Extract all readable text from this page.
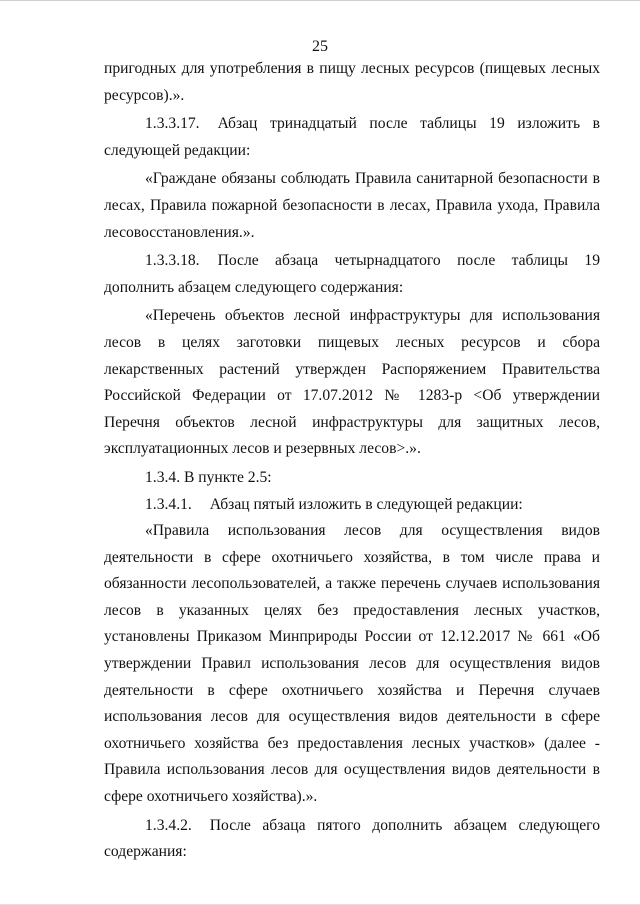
25

пригодных для употребления в пищу лесных ресурсов (пищевых лесных ресурсов).».

1.3.3.17. Абзац тринадцатый после таблицы 19 изложить в следующей редакции:

«Граждане обязаны соблюдать Правила санитарной безопасности в лесах, Правила пожарной безопасности в лесах, Правила ухода, Правила лесовосстановления.».

1.3.3.18. После абзаца четырнадцатого после таблицы 19 дополнить абзацем следующего содержания:

«Перечень объектов лесной инфраструктуры для использования лесов в целях заготовки пищевых лесных ресурсов и сбора лекарственных растений утвержден Распоряжением Правительства Российской Федерации от 17.07.2012 № 1283-р <Об утверждении Перечня объектов лесной инфраструктуры для защитных лесов, эксплуатационных лесов и резервных лесов>.».

1.3.4. В пункте 2.5:

1.3.4.1. Абзац пятый изложить в следующей редакции:

«Правила использования лесов для осуществления видов деятельности в сфере охотничьего хозяйства, в том числе права и обязанности лесопользователей, а также перечень случаев использования лесов в указанных целях без предоставления лесных участков, установлены Приказом Минприроды России от 12.12.2017 № 661 «Об утверждении Правил использования лесов для осуществления видов деятельности в сфере охотничьего хозяйства и Перечня случаев использования лесов для осуществления видов деятельности в сфере охотничьего хозяйства без предоставления лесных участков» (далее - Правила использования лесов для осуществления видов деятельности в сфере охотничьего хозяйства).».

1.3.4.2. После абзаца пятого дополнить абзацем следующего содержания:
